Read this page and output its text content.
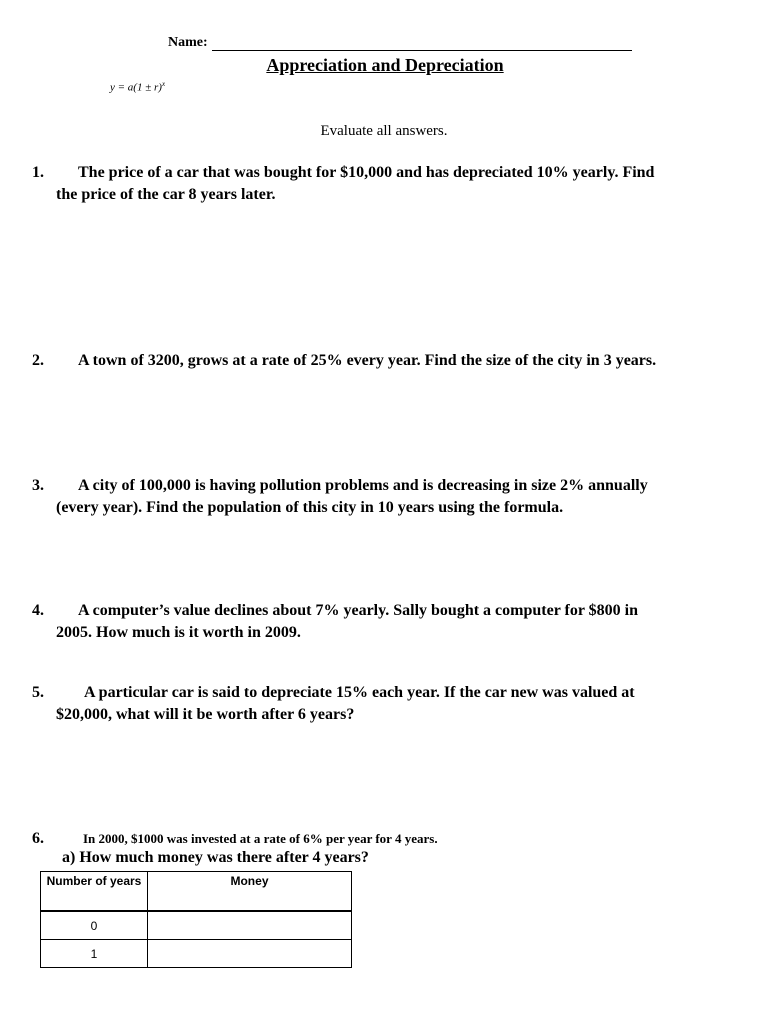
Name:
Appreciation and Depreciation
$y = a(1 \pm r)^x$
Evaluate all answers.
1. The price of a car that was bought for $10,000 and has depreciated 10% yearly. Find
the price of the car 8 years later.
2. A town of 3200, grows at a rate of 25% every year. Find the size of the city in 3 years.
3. A city of 100,000 is having pollution problems and is decreasing in size 2% annually
(every year). Find the population of this city in 10 years using the formula.
4. A computer’s value declines about 7% yearly. Sally bought a computer for $800 in
2005. How much is it worth in 2009.
5.	A particular car is said to depreciate 15% each year. If the car new was valued at
$20,000, what will it be worth after 6 years?
6.	In 2000, $1000 was invested at a rate of 6% per year for 4 years.
a) How much money was there after 4 years?
Number of years	Money
0	
1	
